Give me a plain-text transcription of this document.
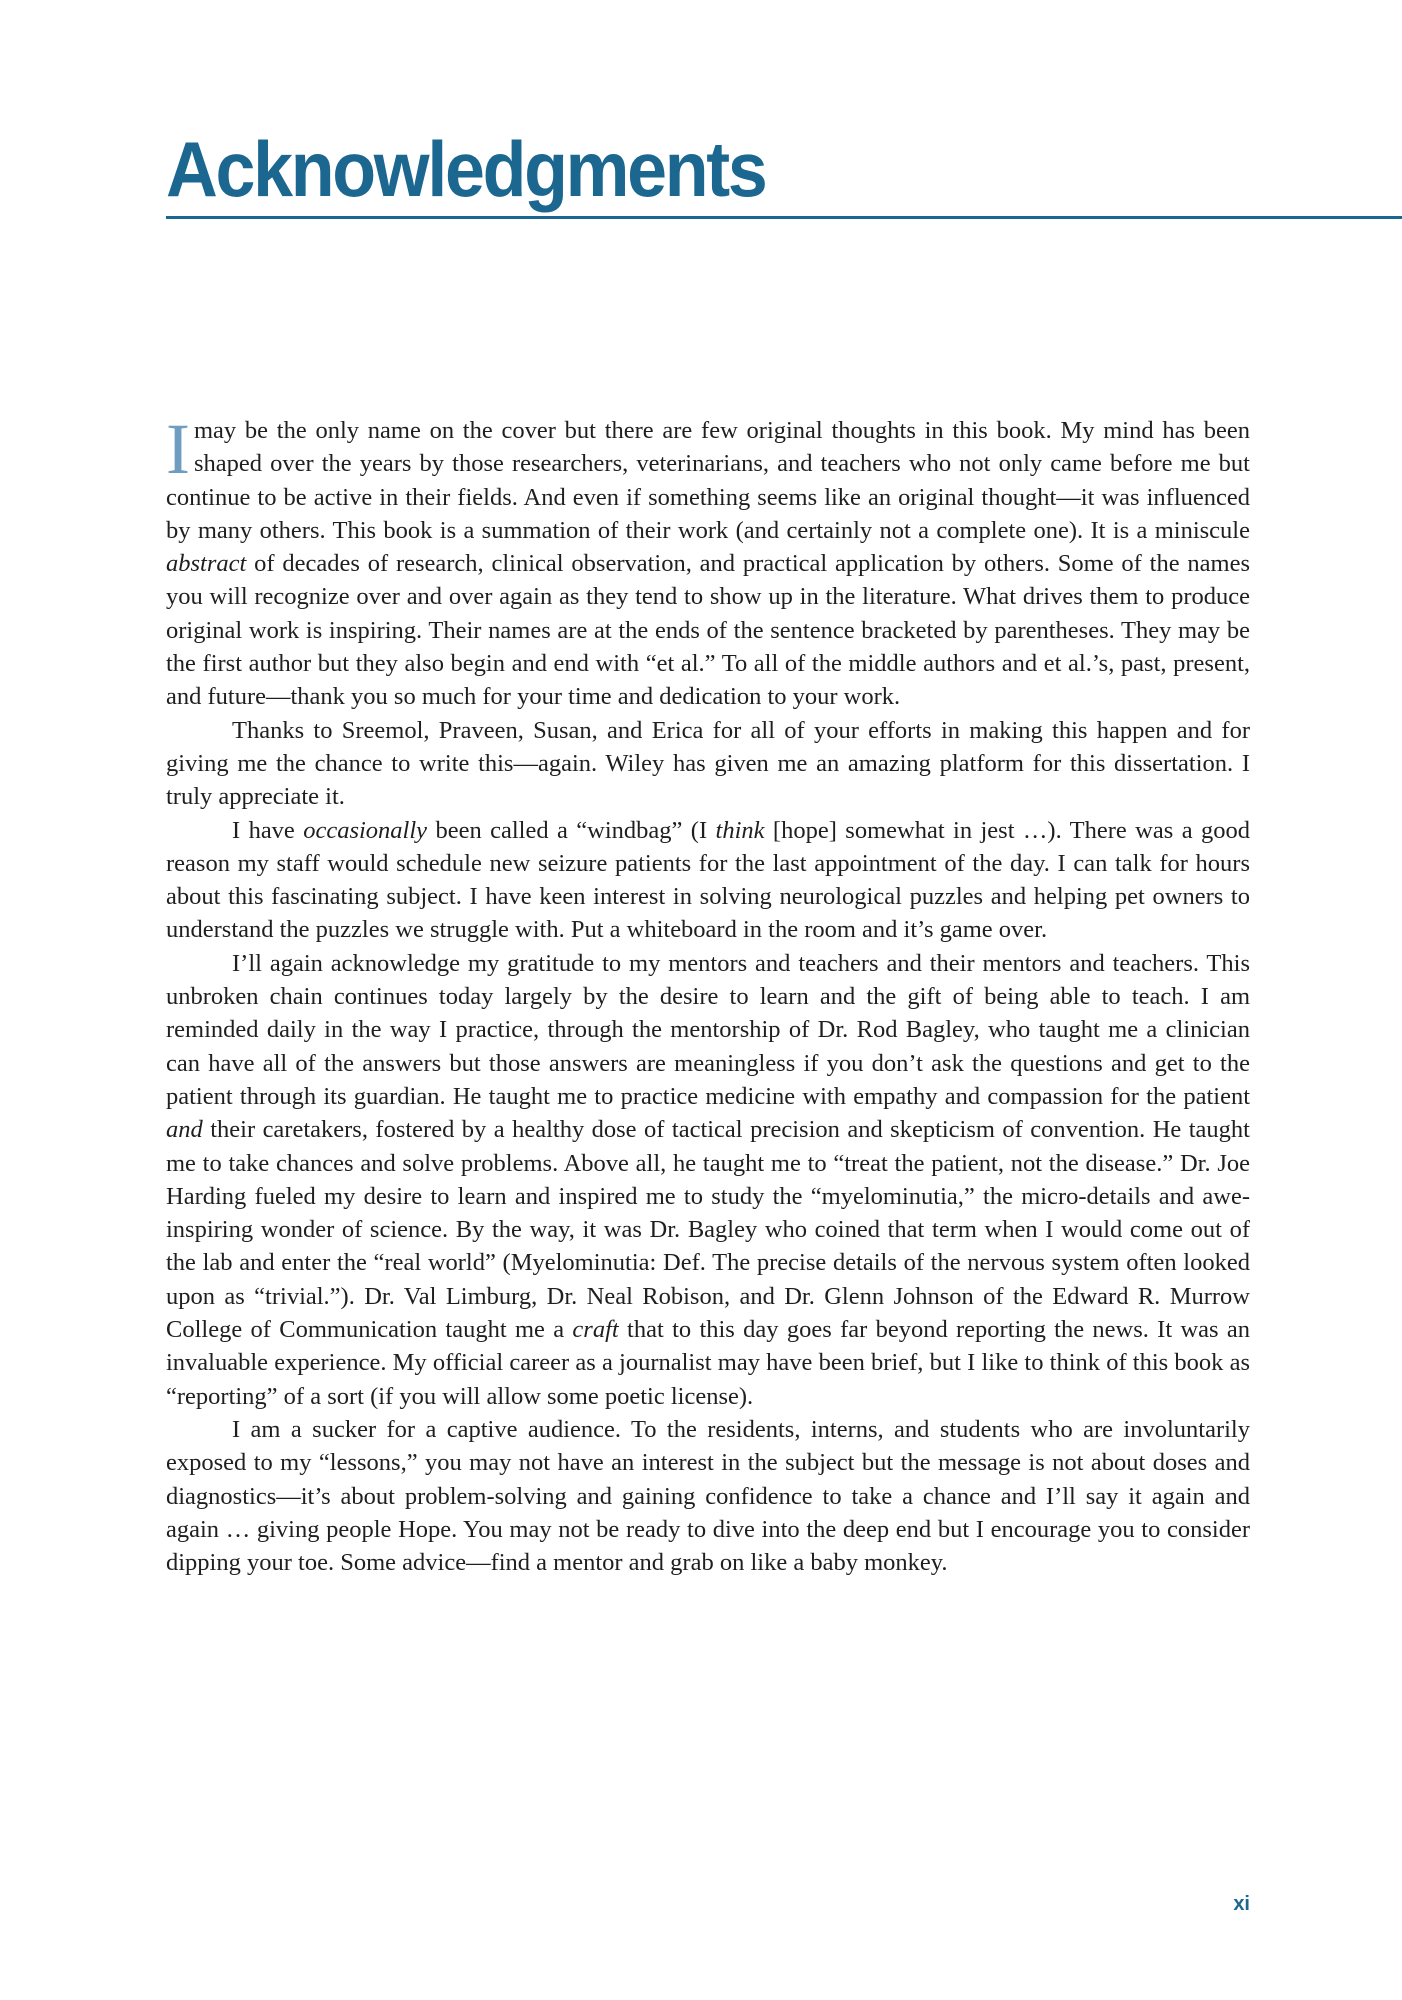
Acknowledgments

I may be the only name on the cover but there are few original thoughts in this book. My mind has been shaped over the years by those researchers, veterinarians, and teachers who not only came before me but continue to be active in their fields. And even if something seems like an original thought—it was influenced by many others. This book is a summation of their work (and certainly not a complete one). It is a miniscule abstract of decades of research, clinical observation, and practical application by others. Some of the names you will recognize over and over again as they tend to show up in the literature. What drives them to produce original work is inspiring. Their names are at the ends of the sentence bracketed by parentheses. They may be the first author but they also begin and end with “et al.” To all of the middle authors and et al.’s, past, present, and future—thank you so much for your time and dedication to your work.

Thanks to Sreemol, Praveen, Susan, and Erica for all of your efforts in making this happen and for giving me the chance to write this—again. Wiley has given me an amazing platform for this dissertation. I truly appreciate it.

I have occasionally been called a “windbag” (I think [hope] somewhat in jest …). There was a good reason my staff would schedule new seizure patients for the last appointment of the day. I can talk for hours about this fascinating subject. I have keen interest in solving neurological puzzles and helping pet owners to understand the puzzles we struggle with. Put a whiteboard in the room and it’s game over.

I’ll again acknowledge my gratitude to my mentors and teachers and their mentors and teachers. This unbroken chain continues today largely by the desire to learn and the gift of being able to teach. I am reminded daily in the way I practice, through the mentorship of Dr. Rod Bagley, who taught me a clinician can have all of the answers but those answers are meaningless if you don’t ask the questions and get to the patient through its guardian. He taught me to practice medicine with empathy and compassion for the patient and their caretakers, fostered by a healthy dose of tactical precision and skepticism of convention. He taught me to take chances and solve problems. Above all, he taught me to “treat the patient, not the disease.” Dr. Joe Harding fueled my desire to learn and inspired me to study the “myelominutia,” the micro-details and awe-inspiring wonder of science. By the way, it was Dr. Bagley who coined that term when I would come out of the lab and enter the “real world” (Myelominutia: Def. The precise details of the nervous system often looked upon as “trivial.”). Dr. Val Limburg, Dr. Neal Robison, and Dr. Glenn Johnson of the Edward R. Murrow College of Communication taught me a craft that to this day goes far beyond reporting the news. It was an invaluable experience. My official career as a journalist may have been brief, but I like to think of this book as “reporting” of a sort (if you will allow some poetic license).

I am a sucker for a captive audience. To the residents, interns, and students who are involuntarily exposed to my “lessons,” you may not have an interest in the subject but the message is not about doses and diagnostics—it’s about problem-solving and gaining confidence to take a chance and I’ll say it again and again … giving people Hope. You may not be ready to dive into the deep end but I encourage you to consider dipping your toe. Some advice—find a mentor and grab on like a baby monkey.

xi
